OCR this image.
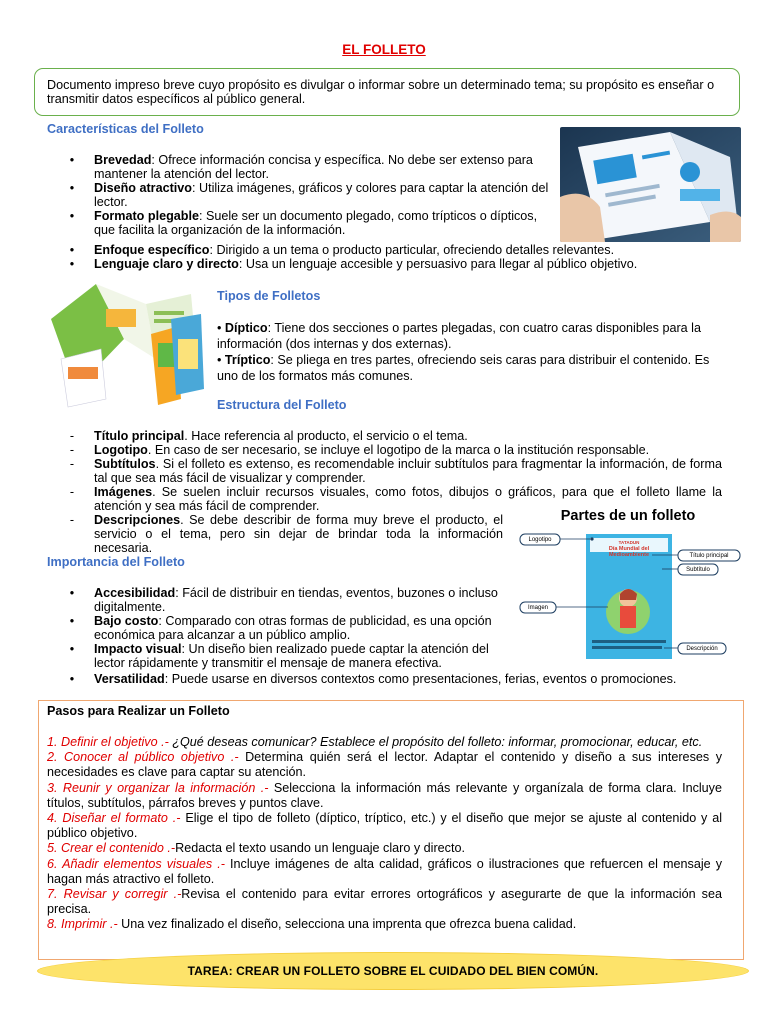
EL FOLLETO
Documento impreso breve cuyo propósito es divulgar o informar sobre un determinado tema; su propósito es enseñar o transmitir datos específicos al público general.
Características del Folleto
• Brevedad: Ofrece información concisa y específica. No debe ser extenso para mantener la atención del lector.
• Diseño atractivo: Utiliza imágenes, gráficos y colores para captar la atención del lector.
• Formato plegable: Suele ser un documento plegado, como trípticos o dípticos, que facilita la organización de la información.
• Enfoque específico: Dirigido a un tema o producto particular, ofreciendo detalles relevantes.
• Lenguaje claro y directo: Usa un lenguaje accesible y persuasivo para llegar al público objetivo.
Tipos de Folletos
• Díptico: Tiene dos secciones o partes plegadas, con cuatro caras disponibles para la información (dos internas y dos externas).
• Tríptico: Se pliega en tres partes, ofreciendo seis caras para distribuir el contenido. Es uno de los formatos más comunes.
Estructura del Folleto
- Título principal. Hace referencia al producto, el servicio o el tema.
- Logotipo. En caso de ser necesario, se incluye el logotipo de la marca o la institución responsable.
- Subtítulos. Si el folleto es extenso, es recomendable incluir subtítulos para fragmentar la información, de forma tal que sea más fácil de visualizar y comprender.
- Imágenes. Se suelen incluir recursos visuales, como fotos, dibujos o gráficos, para que el folleto llame la atención y sea más fácil de comprender.
- Descripciones. Se debe describir de forma muy breve el producto, el servicio o el tema, pero sin dejar de brindar toda la información necesaria.
Partes de un folleto
TATADUN
Día Mundial del Medioambiente
Logotipo
Título principal
Subtítulo
Imagen
Descripción
Importancia del Folleto
• Accesibilidad: Fácil de distribuir en tiendas, eventos, buzones o incluso digitalmente.
• Bajo costo: Comparado con otras formas de publicidad, es una opción económica para alcanzar a un público amplio.
• Impacto visual: Un diseño bien realizado puede captar la atención del lector rápidamente y transmitir el mensaje de manera efectiva.
• Versatilidad: Puede usarse en diversos contextos como presentaciones, ferias, eventos o promociones.
Pasos para Realizar un Folleto
1. Definir el objetivo .- ¿Qué deseas comunicar? Establece el propósito del folleto: informar, promocionar, educar, etc.
2. Conocer al público objetivo .- Determina quién será el lector. Adaptar el contenido y diseño a sus intereses y necesidades es clave para captar su atención.
3. Reunir y organizar la información .- Selecciona la información más relevante y organízala de forma clara. Incluye títulos, subtítulos, párrafos breves y puntos clave.
4. Diseñar el formato .- Elige el tipo de folleto (díptico, tríptico, etc.) y el diseño que mejor se ajuste al contenido y al público objetivo.
5. Crear el contenido .-Redacta el texto usando un lenguaje claro y directo.
6. Añadir elementos visuales .- Incluye imágenes de alta calidad, gráficos o ilustraciones que refuercen el mensaje y hagan más atractivo el folleto.
7. Revisar y corregir .-Revisa el contenido para evitar errores ortográficos y asegurarte de que la información sea precisa.
8. Imprimir .- Una vez finalizado el diseño, selecciona una imprenta que ofrezca buena calidad.
TAREA: CREAR UN FOLLETO SOBRE EL CUIDADO DEL BIEN COMÚN.
